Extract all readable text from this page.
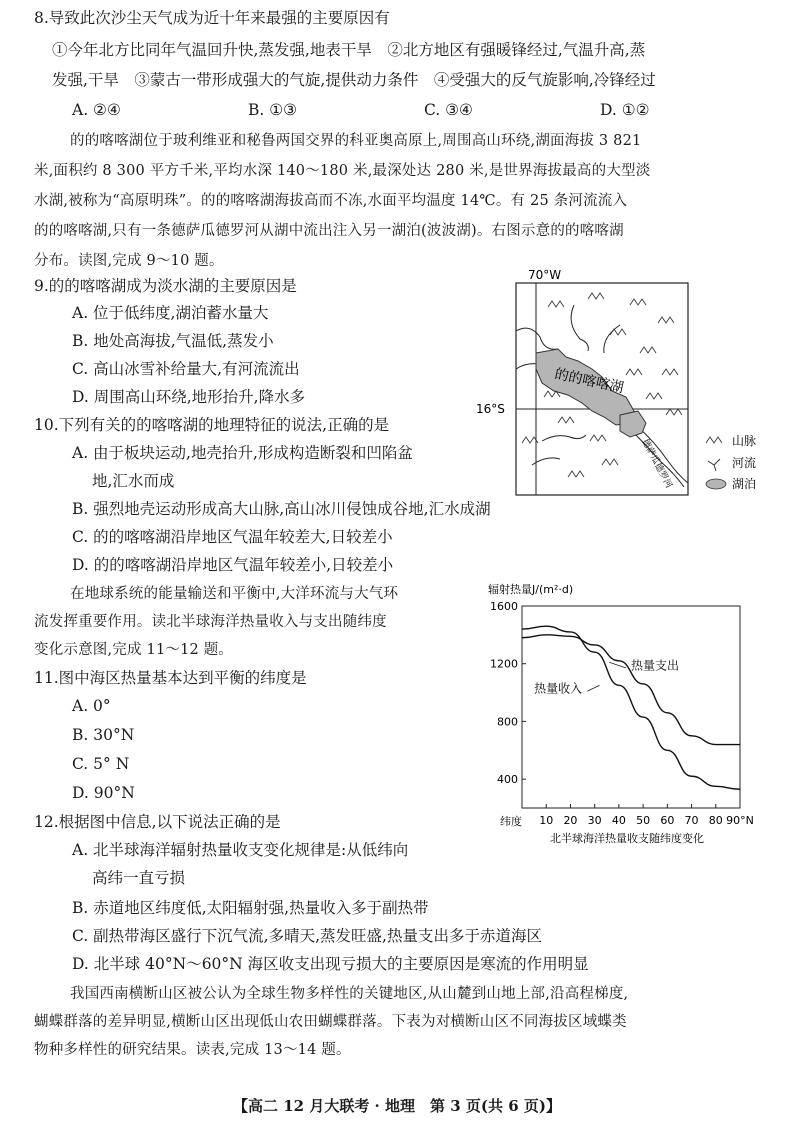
8.导致此次沙尘天气成为近十年来最强的主要原因有
①今年北方比同年气温回升快,蒸发强,地表干旱　②北方地区有强暖锋经过,气温升高,蒸
发强,干旱　③蒙古一带形成强大的气旋,提供动力条件　④受强大的反气旋影响,冷锋经过
A. ②④	B. ①③	C. ③④	D. ①②
的的喀喀湖位于玻利维亚和秘鲁两国交界的科亚奥高原上,周围高山环绕,湖面海拔 3 821
米,面积约 8 300 平方千米,平均水深 140～180 米,最深处达 280 米,是世界海拔最高的大型淡
水湖,被称为“高原明珠”。的的喀喀湖海拔高而不冻,水面平均温度 14℃。有 25 条河流流入
的的喀喀湖,只有一条德萨瓜德罗河从湖中流出注入另一湖泊(波波湖)。右图示意的的喀喀湖
分布。读图,完成 9～10 题。
9.的的喀喀湖成为淡水湖的主要原因是
A. 位于低纬度,湖泊蓄水量大
B. 地处高海拔,气温低,蒸发小
C. 高山冰雪补给量大,有河流流出
D. 周围高山环绕,地形抬升,降水多
10.下列有关的的喀喀湖的地理特征的说法,正确的是
A. 由于板块运动,地壳抬升,形成构造断裂和凹陷盆
地,汇水而成
B. 强烈地壳运动形成高大山脉,高山冰川侵蚀成谷地,汇水成湖
C. 的的喀喀湖沿岸地区气温年较差大,日较差小
D. 的的喀喀湖沿岸地区气温年较差小,日较差小
70°W
16°S
的的喀喀湖
德萨瓜德罗河	山脉
河流
湖泊
在地球系统的能量输送和平衡中,大洋环流与大气环
流发挥重要作用。读北半球海洋热量收入与支出随纬度
变化示意图,完成 11～12 题。
11.图中海区热量基本达到平衡的纬度是
A. 0°
B. 30°N
C. 5° N
D. 90°N
辐射热量J/(m²·d)
纬度
北半球海洋热量收支随纬度变化
1600
1200
800
400
10 20 30 40 50 60 70 80 90°N
热量收入
热量支出
12.根据图中信息,以下说法正确的是
A. 北半球海洋辐射热量收支变化规律是:从低纬向
高纬一直亏损
B. 赤道地区纬度低,太阳辐射强,热量收入多于副热带
C. 副热带海区盛行下沉气流,多晴天,蒸发旺盛,热量支出多于赤道海区
D. 北半球 40°N～60°N 海区收支出现亏损大的主要原因是寒流的作用明显
我国西南横断山区被公认为全球生物多样性的关键地区,从山麓到山地上部,沿高程梯度,
蝴蝶群落的差异明显,横断山区出现低山农田蝴蝶群落。下表为对横断山区不同海拔区域蝶类
物种多样性的研究结果。读表,完成 13～14 题。
【高二 12 月大联考 · 地理　第 3 页(共 6 页)】
